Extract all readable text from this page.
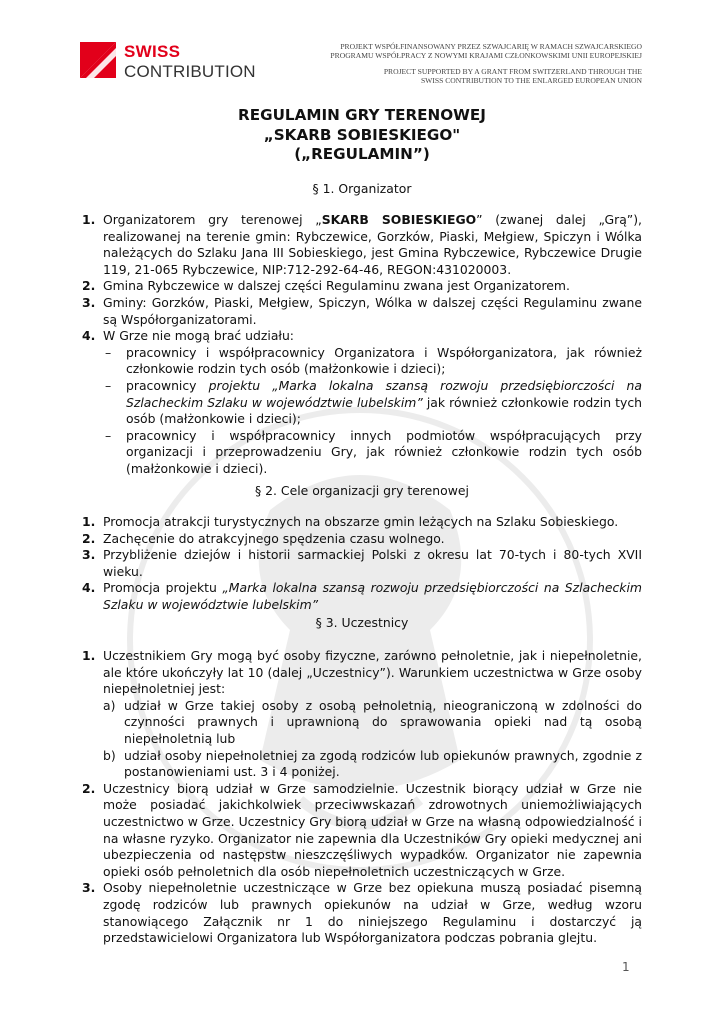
SWISS
CONTRIBUTION
PROJEKT WSPÓŁFINANSOWANY PRZEZ SZWAJCARIĘ W RAMACH SZWAJCARSKIEGO
PROGRAMU WSPÓŁPRACY Z NOWYMI KRAJAMI CZŁONKOWSKIMI UNII EUROPEJSKIEJ
PROJECT SUPPORTED BY A GRANT FROM SWITZERLAND THROUGH THE
SWISS CONTRIBUTION TO THE ENLARGED EUROPEAN UNION
REGULAMIN GRY TERENOWEJ
„SKARB SOBIESKIEGO"
(„REGULAMIN”)
§ 1. Organizator
1. Organizatorem gry terenowej „SKARB SOBIESKIEGO” (zwanej dalej „Grą”), realizowanej na terenie gmin: Rybczewice, Gorzków, Piaski, Mełgiew, Spiczyn i Wólka należących do Szlaku Jana III Sobieskiego, jest Gmina Rybczewice, Rybczewice Drugie 119, 21-065 Rybczewice, NIP:712-292-64-46, REGON:431020003.
2. Gmina Rybczewice w dalszej części Regulaminu zwana jest Organizatorem.
3. Gminy: Gorzków, Piaski, Mełgiew, Spiczyn, Wólka w dalszej części Regulaminu zwane są Współorganizatorami.
4. W Grze nie mogą brać udziału:
– pracownicy i współpracownicy Organizatora i Współorganizatora, jak również członkowie rodzin tych osób (małżonkowie i dzieci);
– pracownicy projektu „Marka lokalna szansą rozwoju przedsiębiorczości na Szlacheckim Szlaku w województwie lubelskim” jak również członkowie rodzin tych osób (małżonkowie i dzieci);
– pracownicy i współpracownicy innych podmiotów współpracujących przy organizacji i przeprowadzeniu Gry, jak również członkowie rodzin tych osób (małżonkowie i dzieci).
§ 2. Cele organizacji gry terenowej
1. Promocja atrakcji turystycznych na obszarze gmin leżących na Szlaku Sobieskiego.
2. Zachęcenie do atrakcyjnego spędzenia czasu wolnego.
3. Przybliżenie dziejów i historii sarmackiej Polski z okresu lat 70-tych i 80-tych XVII wieku.
4. Promocja projektu „Marka lokalna szansą rozwoju przedsiębiorczości na Szlacheckim Szlaku w województwie lubelskim”
§ 3. Uczestnicy
1. Uczestnikiem Gry mogą być osoby fizyczne, zarówno pełnoletnie, jak i niepełnoletnie, ale które ukończyły lat 10 (dalej „Uczestnicy”). Warunkiem uczestnictwa w Grze osoby niepełnoletniej jest:
a) udział w Grze takiej osoby z osobą pełnoletnią, nieograniczoną w zdolności do czynności prawnych i uprawnioną do sprawowania opieki nad tą osobą niepełnoletnią lub
b) udział osoby niepełnoletniej za zgodą rodziców lub opiekunów prawnych, zgodnie z postanowieniami ust. 3 i 4 poniżej.
2. Uczestnicy biorą udział w Grze samodzielnie. Uczestnik biorący udział w Grze nie może posiadać jakichkolwiek przeciwwskazań zdrowotnych uniemożliwiających uczestnictwo w Grze. Uczestnicy Gry biorą udział w Grze na własną odpowiedzialność i na własne ryzyko. Organizator nie zapewnia dla Uczestników Gry opieki medycznej ani ubezpieczenia od następstw nieszczęśliwych wypadków. Organizator nie zapewnia opieki osób pełnoletnich dla osób niepełnoletnich uczestniczących w Grze.
3. Osoby niepełnoletnie uczestniczące w Grze bez opiekuna muszą posiadać pisemną zgodę rodziców lub prawnych opiekunów na udział w Grze, według wzoru stanowiącego Załącznik nr 1 do niniejszego Regulaminu i dostarczyć ją przedstawicielowi Organizatora lub Współorganizatora podczas pobrania glejtu.
1
